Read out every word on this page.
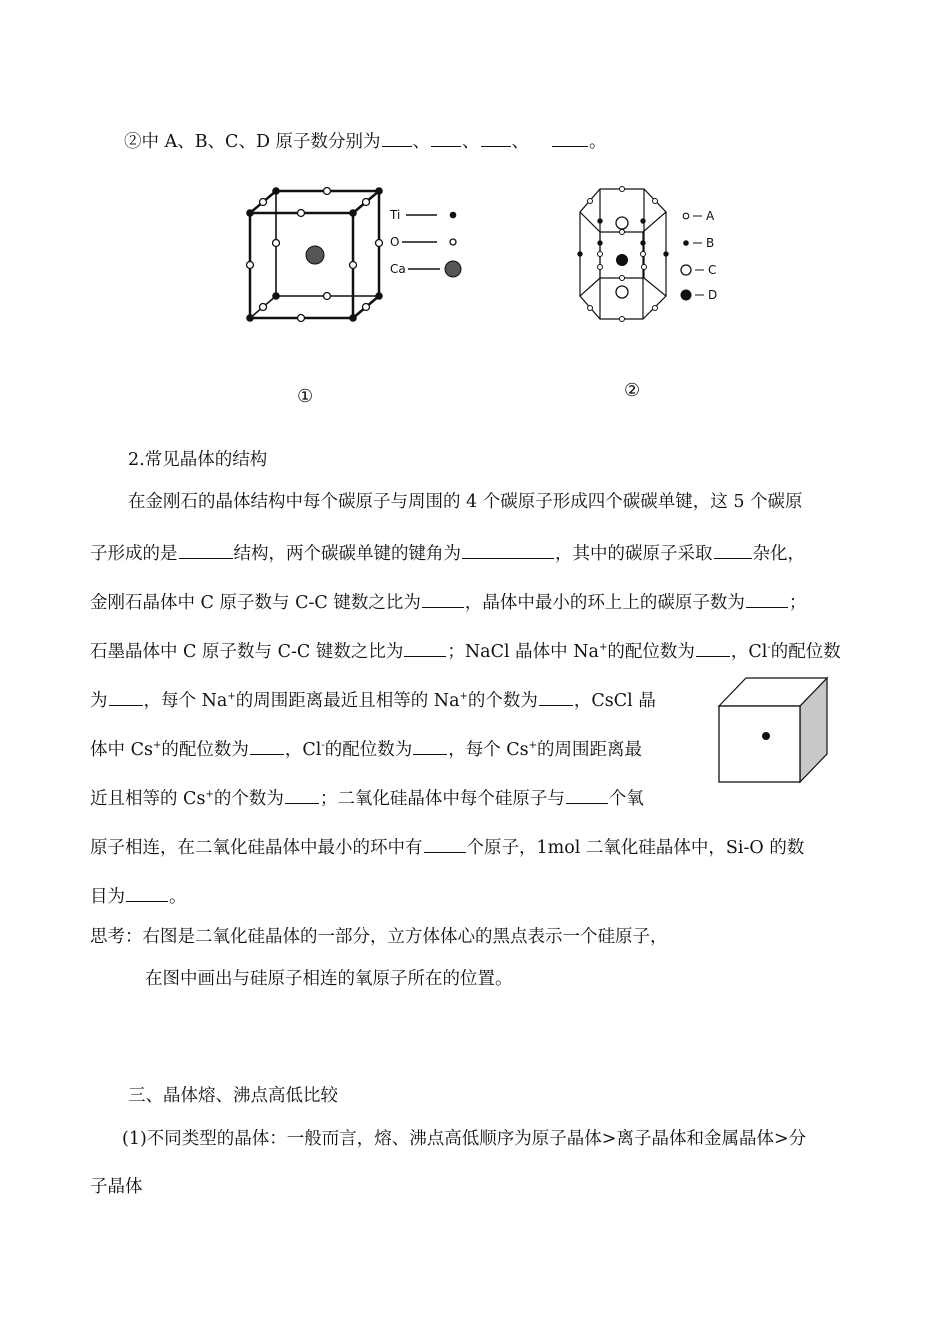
②中 A、B、C、D 原子数分别为 、 、 、	。
Ti
O
Ca
①
A
B
C
D
②
2.常见晶体的结构
在金刚石的晶体结构中每个碳原子与周围的 4 个碳原子形成四个碳碳单键，这 5 个碳原
子形成的是	结构，两个碳碳单键的键角为	，其中的碳原子采取 杂化，
金刚石晶体中 C 原子数与 C-C 键数之比为	，晶体中最小的环上上的碳原子数为	；
石墨晶体中 C 原子数与 C-C 键数之比为	；NaCl 晶体中 Na+的配位数为 ，Cl-的配位数
为 ，每个 Na+的周围距离最近且相等的 Na+的个数为 ，CsCl 晶
体中 Cs+的配位数为 ，Cl-的配位数为 ，每个 Cs+的周围距离最
近且相等的 Cs+的个数为 ；二氧化硅晶体中每个硅原子与	个氧
原子相连，在二氧化硅晶体中最小的环中有	个原子，1mol 二氧化硅晶体中，Si-O 的数
目为	。
思考：右图是二氧化硅晶体的一部分，立方体体心的黑点表示一个硅原子，
在图中画出与硅原子相连的氧原子所在的位置。
三、晶体熔、沸点高低比较
(1)不同类型的晶体：一般而言，熔、沸点高低顺序为原子晶体>离子晶体和金属晶体>分
子晶体
